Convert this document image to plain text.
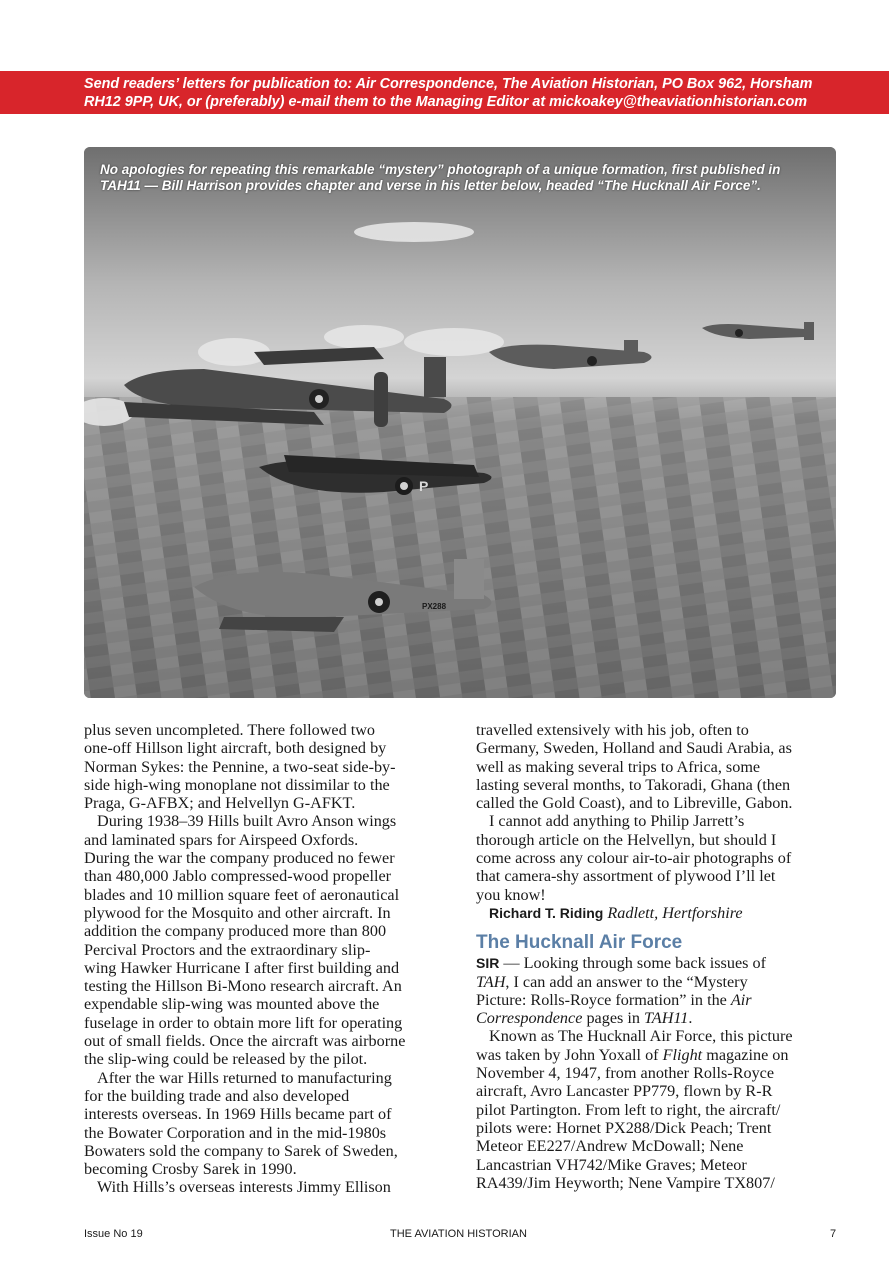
Send readers’ letters for publication to: Air Correspondence, The Aviation Historian, PO Box 962, Horsham
RH12 9PP, UK, or (preferably) e-mail them to the Managing Editor at mickoakey@theaviationhistorian.com
P
PX288
No apologies for repeating this remarkable “mystery” photograph of a unique formation, first published in
TAH11 — Bill Harrison provides chapter and verse in his letter below, headed “The Hucknall Air Force”.
plus seven uncompleted. There followed two
one-off Hillson light aircraft, both designed by
Norman Sykes: the Pennine, a two-seat side-by-
side high-wing monoplane not dissimilar to the
Praga, G-AFBX; and Helvellyn G-AFKT.
During 1938–39 Hills built Avro Anson wings
and laminated spars for Airspeed Oxfords.
During the war the company produced no fewer
than 480,000 Jablo compressed-wood propeller
blades and 10 million square feet of aeronautical
plywood for the Mosquito and other aircraft. In
addition the company produced more than 800
Percival Proctors and the extraordinary slip-
wing Hawker Hurricane I after first building and
testing the Hillson Bi-Mono research aircraft. An
expendable slip-wing was mounted above the
fuselage in order to obtain more lift for operating
out of small fields. Once the aircraft was airborne
the slip-wing could be released by the pilot.
After the war Hills returned to manufacturing
for the building trade and also developed
interests overseas. In 1969 Hills became part of
the Bowater Corporation and in the mid-1980s
Bowaters sold the company to Sarek of Sweden,
becoming Crosby Sarek in 1990.
With Hills’s overseas interests Jimmy Ellison
travelled extensively with his job, often to
Germany, Sweden, Holland and Saudi Arabia, as
well as making several trips to Africa, some
lasting several months, to Takoradi, Ghana (then
called the Gold Coast), and to Libreville, Gabon.
I cannot add anything to Philip Jarrett’s
thorough article on the Helvellyn, but should I
come across any colour air-to-air photographs of
that camera-shy assortment of plywood I’ll let
you know!
Richard T. Riding Radlett, Hertforshire
The Hucknall Air Force
SIR — Looking through some back issues of
TAH, I can add an answer to the “Mystery
Picture: Rolls-Royce formation” in the Air
Correspondence pages in TAH11.
Known as The Hucknall Air Force, this picture
was taken by John Yoxall of Flight magazine on
November 4, 1947, from another Rolls-Royce
aircraft, Avro Lancaster PP779, flown by R-R
pilot Partington. From left to right, the aircraft/
pilots were: Hornet PX288/Dick Peach; Trent
Meteor EE227/Andrew McDowall; Nene
Lancastrian VH742/Mike Graves; Meteor
RA439/Jim Heyworth; Nene Vampire TX807/
Issue No 19	THE AVIATION HISTORIAN	7
